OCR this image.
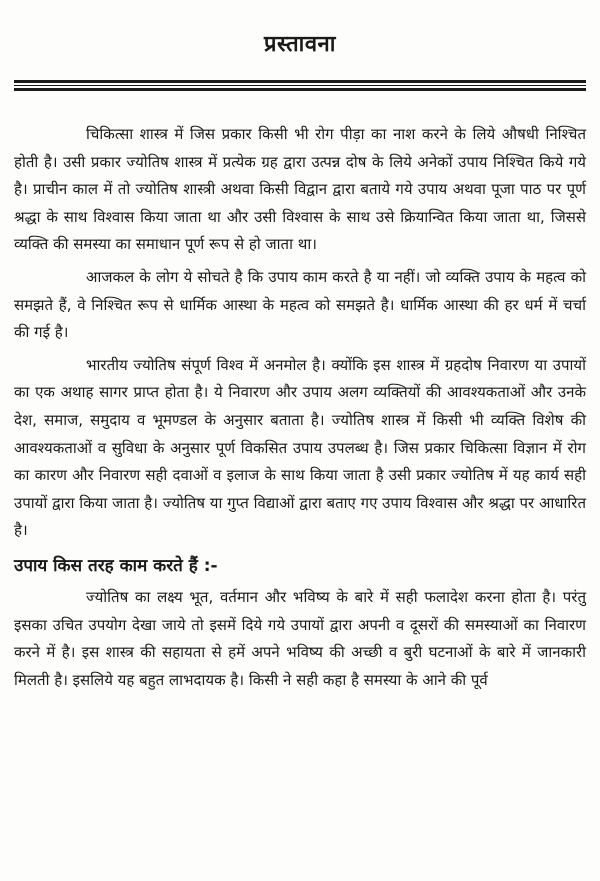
प्रस्तावना

चिकित्सा शास्त्र में जिस प्रकार किसी भी रोग पीड़ा का नाश करने के लिये औषधी निश्चित होती है। उसी प्रकार ज्योतिष शास्त्र में प्रत्येक ग्रह द्वारा उत्पन्न दोष के लिये अनेकों उपाय निश्चित किये गये है। प्राचीन काल में तो ज्योतिष शास्त्री अथवा किसी विद्वान द्वारा बताये गये उपाय अथवा पूजा पाठ पर पूर्ण श्रद्धा के साथ विश्वास किया जाता था और उसी विश्वास के साथ उसे क्रियान्वित किया जाता था, जिससे व्यक्ति की समस्या का समाधान पूर्ण रूप से हो जाता था।

आजकल के लोग ये सोचते है कि उपाय काम करते है या नहीं। जो व्यक्ति उपाय के महत्व को समझते हैं, वे निश्चित रूप से धार्मिक आस्था के महत्व को समझते है। धार्मिक आस्था की हर धर्म में चर्चा की गई है।

भारतीय ज्योतिष संपूर्ण विश्व में अनमोल है। क्योंकि इस शास्त्र में ग्रहदोष निवारण या उपायों का एक अथाह सागर प्राप्त होता है। ये निवारण और उपाय अलग व्यक्तियों की आवश्यकताओं और उनके देश, समाज, समुदाय व भूमण्डल के अनुसार बताता है। ज्योतिष शास्त्र में किसी भी व्यक्ति विशेष की आवश्यकताओं व सुविधा के अनुसार पूर्ण विकसित उपाय उपलब्ध है। जिस प्रकार चिकित्सा विज्ञान में रोग का कारण और निवारण सही दवाओं व इलाज के साथ किया जाता है उसी प्रकार ज्योतिष में यह कार्य सही उपायों द्वारा किया जाता है। ज्योतिष या गुप्त विद्याओं द्वारा बताए गए उपाय विश्वास और श्रद्धा पर आधारित है।

उपाय किस तरह काम करते हैं :-

ज्योतिष का लक्ष्य भूत, वर्तमान और भविष्य के बारे में सही फलादेश करना होता है। परंतु इसका उचित उपयोग देखा जाये तो इसमें दिये गये उपायों द्वारा अपनी व दूसरों की समस्याओं का निवारण करने में है। इस शास्त्र की सहायता से हमें अपने भविष्य की अच्छी व बुरी घटनाओं के बारे में जानकारी मिलती है। इसलिये यह बहुत लाभदायक है। किसी ने सही कहा है समस्या के आने की पूर्व
